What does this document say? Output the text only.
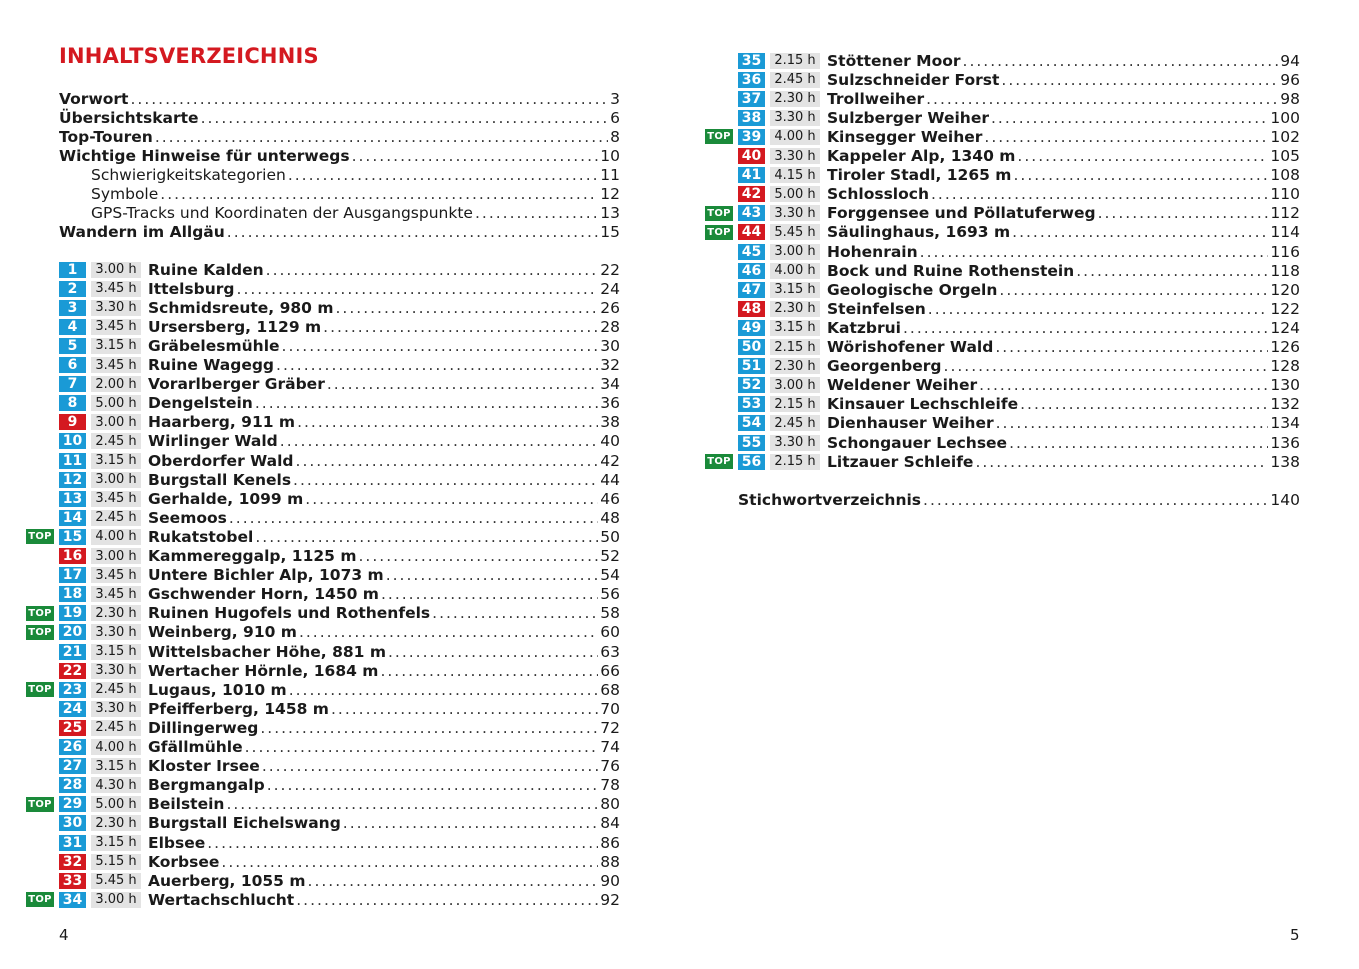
INHALTSVERZEICHNIS
Vorwort .....	3
Übersichtskarte .....	6
Top-Touren .....	8
Wichtige Hinweise für unterwegs .....	10
Schwierigkeitskategorien .....	11
Symbole .....	12
GPS-Tracks und Koordinaten der Ausgangspunkte .....	13
Wandern im Allgäu .....	15
1	3.00 h Ruine Kalden .....	22
2	3.45 h Ittelsburg .....	24
3	3.30 h Schmidsreute, 980 m .....	26
4	3.45 h Ursersberg, 1129 m .....	28
5	3.15 h Gräbelesmühle .....	30
6	3.45 h Ruine Wagegg .....	32
7	2.00 h Vorarlberger Gräber .....	34
8	5.00 h Dengelstein .....	36
9	3.00 h Haarberg, 911 m .....	38
10	2.45 h Wirlinger Wald .....	40
11	3.15 h Oberdorfer Wald .....	42
12	3.00 h Burgstall Kenels .....	44
13	3.45 h Gerhalde, 1099 m .....	46
14	2.45 h Seemoos .....	48
TOP 15	4.00 h Rukatstobel .....	50
16	3.00 h Kammereggalp, 1125 m .....	52
17	3.45 h Untere Bichler Alp, 1073 m .....	54
18	3.45 h Gschwender Horn, 1450 m .....	56
TOP 19	2.30 h Ruinen Hugofels und Rothenfels .....	58
TOP 20	3.30 h Weinberg, 910 m .....	60
21	3.15 h Wittelsbacher Höhe, 881 m .....	63
22	3.30 h Wertacher Hörnle, 1684 m .....	66
TOP 23	2.45 h Lugaus, 1010 m .....	68
24	3.30 h Pfeifferberg, 1458 m .....	70
25	2.45 h Dillingerweg .....	72
26	4.00 h Gfällmühle .....	74
27	3.15 h Kloster Irsee .....	76
28	4.30 h Bergmangalp .....	78
TOP 29	5.00 h Beilstein .....	80
30	2.30 h Burgstall Eichelswang .....	84
31	3.15 h Elbsee .....	86
32	5.15 h Korbsee .....	88
33	5.45 h Auerberg, 1055 m .....	90
TOP 34	3.00 h Wertachschlucht .....	92
4
35	2.15 h Stöttener Moor .....	94
36	2.45 h Sulzschneider Forst .....	96
37	2.30 h Trollweiher .....	98
38	3.30 h Sulzberger Weiher .....	100
TOP 39	4.00 h Kinsegger Weiher .....	102
40	3.30 h Kappeler Alp, 1340 m .....	105
41	4.15 h Tiroler Stadl, 1265 m .....	108
42	5.00 h Schlossloch .....	110
TOP 43	3.30 h Forggensee und Pöllatuferweg .....	112
TOP 44	5.45 h Säulinghaus, 1693 m .....	114
45	3.00 h Hohenrain .....	116
46	4.00 h Bock und Ruine Rothenstein .....	118
47	3.15 h Geologische Orgeln .....	120
48	2.30 h Steinfelsen .....	122
49	3.15 h Katzbrui .....	124
50	2.15 h Wörishofener Wald .....	126
51	2.30 h Georgenberg .....	128
52	3.00 h Weldener Weiher .....	130
53	2.15 h Kinsauer Lechschleife .....	132
54	2.45 h Dienhauser Weiher .....	134
55	3.30 h Schongauer Lechsee .....	136
TOP 56	2.15 h Litzauer Schleife .....	138
Stichwortverzeichnis .....	140
5
